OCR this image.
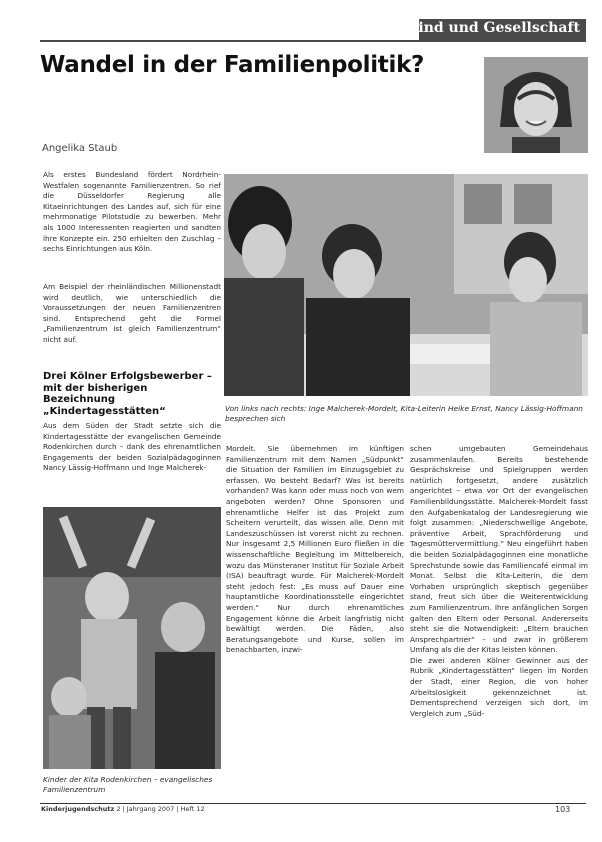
Kind und Gesellschaft
Wandel in der Familienpolitik?
Angelika Staub

Als erstes Bundesland fördert Nordrhein-Westfalen sogenannte Familienzentren. So rief die Düsseldorfer Regierung alle Kitaeinrichtungen des Landes auf, sich für eine mehrmonatige Pilotstudie zu bewerben. Mehr als 1000 Interessenten reagierten und sandten ihre Konzepte ein. 250 erhielten den Zuschlag – sechs Einrichtungen aus Köln.

Am Beispiel der rheinländischen Millionenstadt wird deutlich, wie unterschiedlich die Voraussetzungen der neuen Familienzentren sind. Entsprechend geht die Formel „Familienzentrum ist gleich Familienzentrum“ nicht auf.

Drei Kölner Erfolgsbewerber – mit der bisherigen Bezeichnung „Kindertagesstätten“

Aus dem Süden der Stadt setzte sich die Kindertagesstätte der evangelischen Gemeinde Rodenkirchen durch – dank des ehrenamtlichen Engagements der beiden Sozialpädagoginnen Nancy Lässig-Hoffmann und Inge Malcherek-

Von links nach rechts: Inge Malcherek-Mordelt, Kita-Leiterin Heike Ernst, Nancy Lässig-Hoffmann besprechen sich
Kinder der Kita Rodenkirchen – evangelisches Familienzentrum

Mordelt. Sie übernehmen im künftigen Familienzentrum mit dem Namen „Südpunkt“ die Situation der Familien im Einzugsgebiet zu erfassen. Wo besteht Bedarf? Was ist bereits vorhanden? Was kann oder muss noch von wem angeboten werden? Ohne Sponsoren und ehrenamtliche Helfer ist das Projekt zum Scheitern verurteilt, das wissen alle. Denn mit Landeszuschüssen ist vorerst nicht zu rechnen. Nur insgesamt 2,5 Millionen Euro fließen in die wissenschaftliche Begleitung im Mittelbereich, wozu das Münsteraner Institut für Soziale Arbeit (ISA) beauftragt wurde. Für Malcherek-Mordelt steht jedoch fest: „Es muss auf Dauer eine hauptamtliche Koordinationsstelle eingerichtet werden.“ Nur durch ehrenamtliches Engagement könne die Arbeit langfristig nicht bewältigt werden. Die Fäden, also Beratungsangebote und Kurse, sollen im benachbarten, inzwi-

schen umgebauten Gemeindehaus zusammenlaufen. Bereits bestehende Gesprächskreise und Spielgruppen werden natürlich fortgesetzt, andere zusätzlich angerichtet – etwa vor Ort der evangelischen Familienbildungsstätte. Malcherek-Mordelt fasst den Aufgabenkatalog der Landesregierung wie folgt zusammen: „Niederschwellige Angebote, präventive Arbeit, Sprachförderung und Tagesmüttervermittlung.“ Neu eingeführt haben die beiden Sozialpädagoginnen eine monatliche Sprechstunde sowie das Familiencafé einmal im Monat. Selbst die Kita-Leiterin, die dem Vorhaben ursprünglich skeptisch gegenüber stand, freut sich über die Weiterentwicklung zum Familienzentrum. Ihre anfänglichen Sorgen galten den Eltern oder Personal. Andererseits steht sie die Notwendigkeit: „Eltern brauchen Ansprechpartner“ – und zwar in größerem Umfang als die der Kitas leisten können.
Die zwei anderen Kölner Gewinner aus der Rubrik „Kindertagesstätten“ liegen im Norden der Stadt, einer Region, die von hoher Arbeitslosigkeit gekennzeichnet ist. Dementsprechend verzeigen sich dort, im Vergleich zum „Süd-

Kinderjugendschutz 2 | Jahrgang 2007 | Heft 12	103
